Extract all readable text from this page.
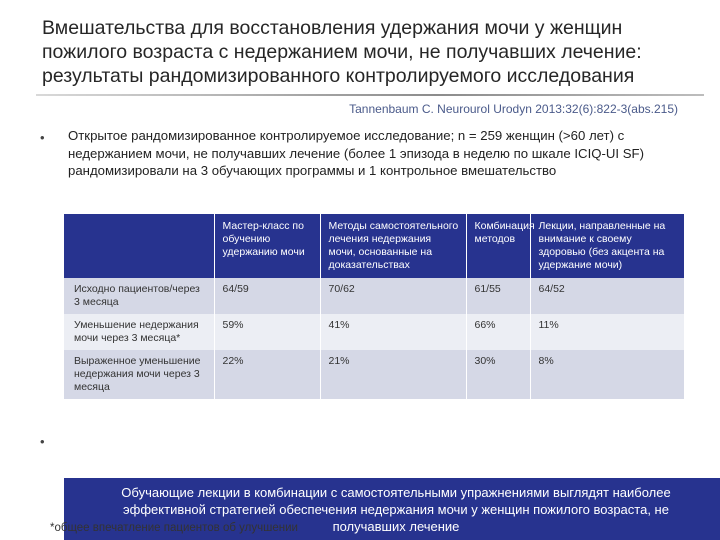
Вмешательства для восстановления удержания мочи у женщин
пожилого возраста с недержанием мочи, не получавших лечение:
результаты рандомизированного контролируемого исследования
Tannenbaum C. Neurourol Urodyn 2013:32(6):822-3(abs.215)
• Открытое рандомизированное контролируемое исследование; n = 259 женщин (>60 лет) с недержанием мочи, не получавших лечение (более 1 эпизода в неделю по шкале ICIQ-UI SF) рандомизировали на 3 обучающих программы и 1 контрольное вмешательство
	Мастер-класс по обучению удержанию мочи	Методы самостоятельного лечения недержания мочи, основанные на доказательствах	Комбинация методов	Лекции, направленные на внимание к своему здоровью (без акцента на удержание мочи)
Исходно пациентов/через 3 месяца	64/59	70/62	61/55	64/52
Уменьшение недержания мочи через 3 месяца*	59%	41%	66%	11%
Выраженное уменьшение недержания мочи через 3 месяца	22%	21%	30%	8%
•
Обучающие лекции в комбинации с самостоятельными упражнениями выглядят наиболее эффективной стратегией обеспечения недержания мочи у женщин пожилого возраста, не получавших лечение
*общее впечатление пациентов об улучшении
